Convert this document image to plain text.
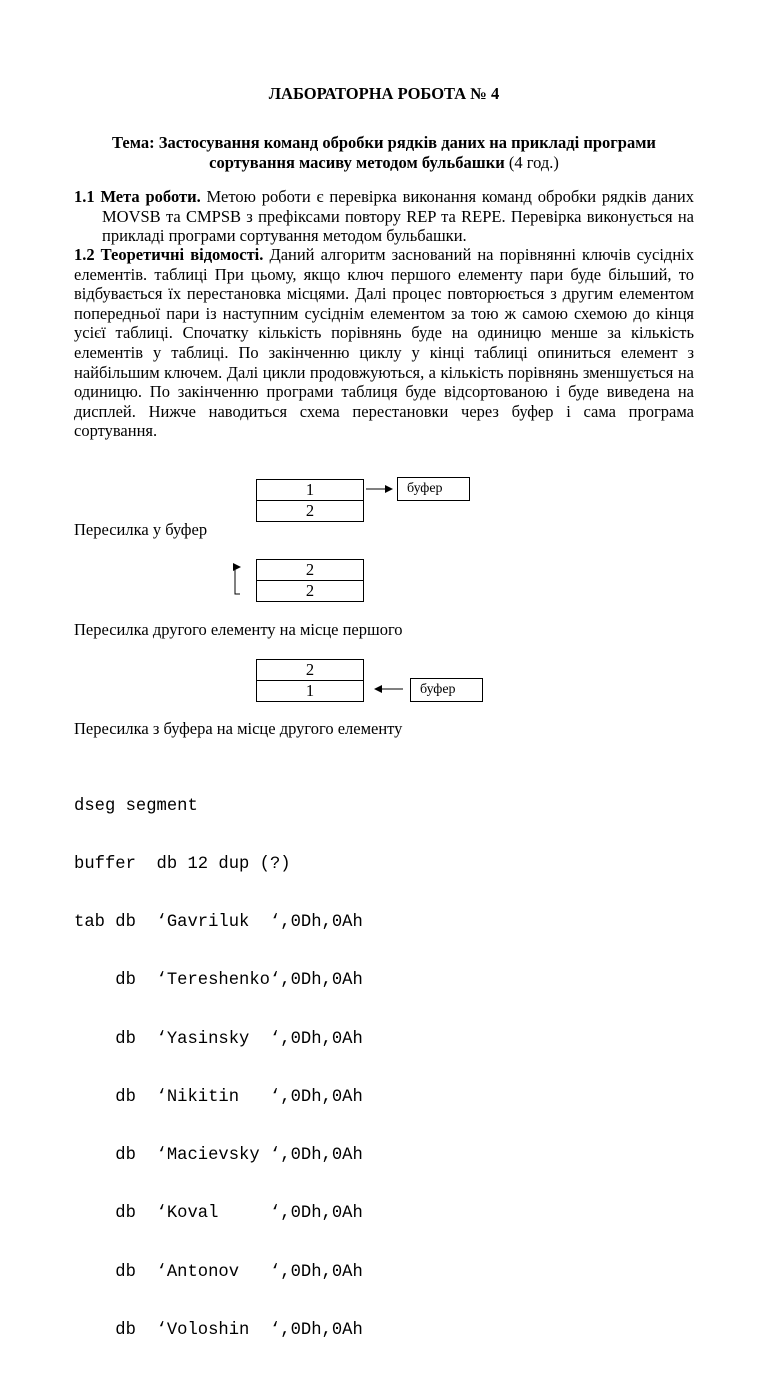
ЛАБОРАТОРНА РОБОТА № 4
Тема: Застосування команд обробки рядків даних на прикладі програми сортування масиву методом бульбашки (4 год.)
1.1 Мета роботи. Метою роботи є перевірка виконання команд обробки рядків даних MOVSB та CMPSB з префіксами повтору REP та REPE. Перевірка виконується на прикладі програми сортування методом бульбашки.
1.2 Теоретичні відомості. Даний алгоритм заснований на порівнянні ключів сусідніх елементів. таблиці При цьому, якщо ключ першого елементу пари буде більший, то відбувається їх перестановка місцями. Далі процес повторюється з другим елементом попередньої пари із наступним сусіднім елементом за тою ж самою схемою до кінця усієї таблиці. Спочатку кількість порівнянь буде на одиницю менше за кількість елементів у таблиці. По закінченню циклу у кінці таблиці опиниться елемент з найбільшим ключем. Далі цикли продовжуються, а кількість порівнянь зменшується на одиницю. По закінченню програми таблиця буде відсортованою і буде виведена на дисплей. Нижче наводиться схема перестановки через буфер і сама програма сортування.
1
2
буфер
Пересилка у буфер
2
2
Пересилка другого елементу на місце першого
2
1	буфер
Пересилка з буфера на місце другого елементу

dseg segment

buffer  db 12 dup (?)

tab db  ‘Gavriluk  ‘,0Dh,0Ah

db  ‘Tereshenko‘,0Dh,0Ah

db  ‘Yasinsky  ‘,0Dh,0Ah

db  ‘Nikitin   ‘,0Dh,0Ah

db  ‘Macievsky ‘,0Dh,0Ah

db  ‘Koval     ‘,0Dh,0Ah

db  ‘Antonov   ‘,0Dh,0Ah

db  ‘Voloshin  ‘,0Dh,0Ah
